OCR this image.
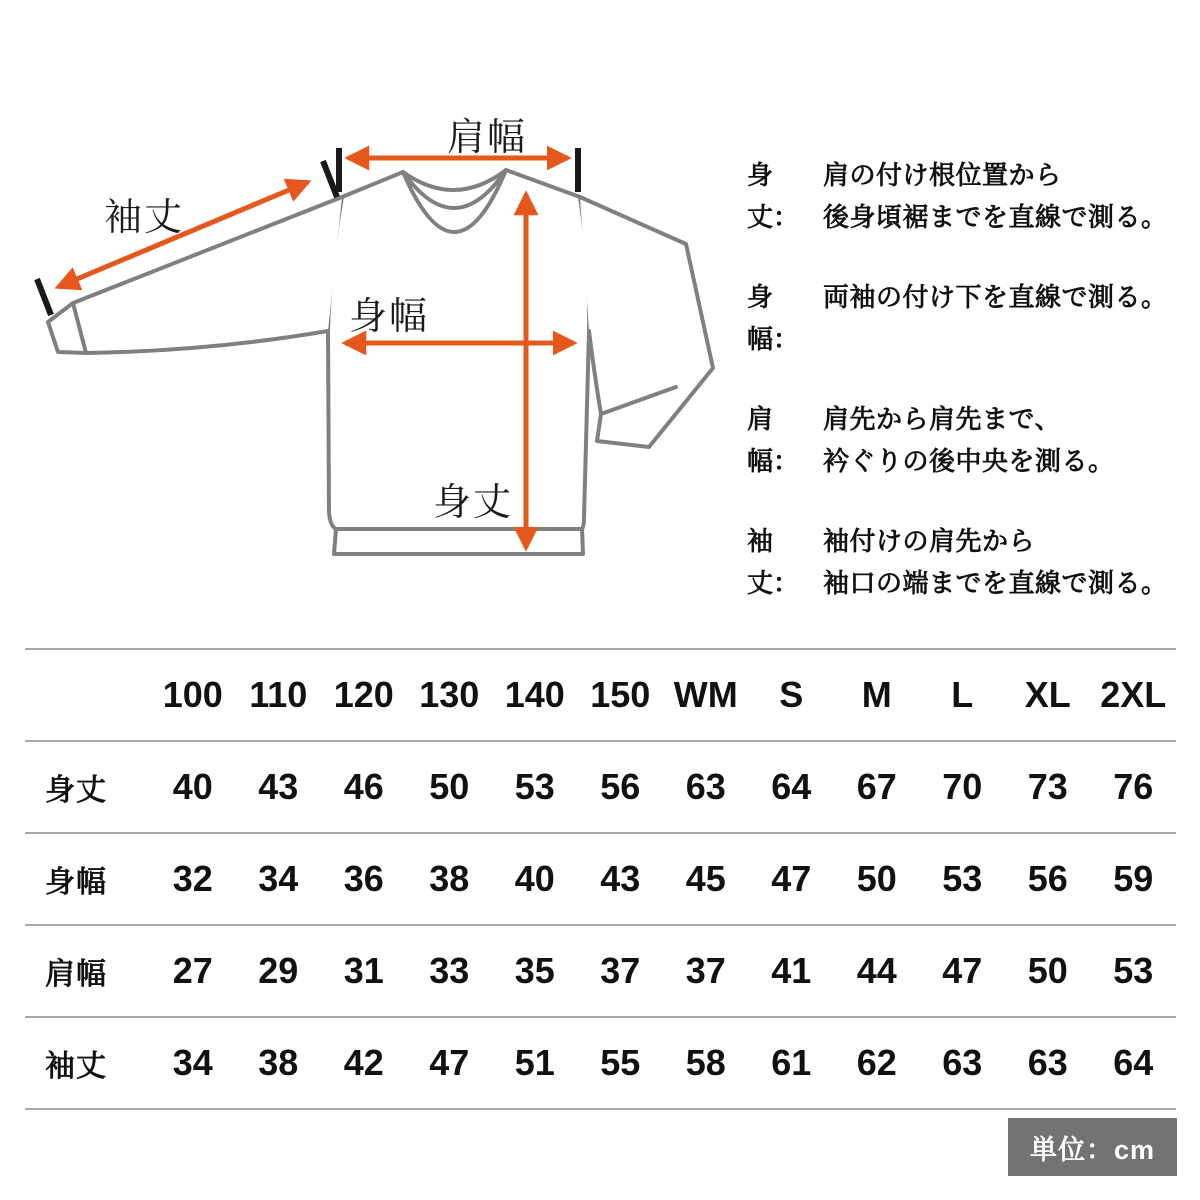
肩幅
袖丈
身幅
身丈
身丈：
肩の付け根位置から
後身頃裾までを直線で測る。
身幅：
両袖の付け下を直線で測る。
肩幅：
肩先から肩先まで、
衿ぐりの後中央を測る。
袖丈：
袖付けの肩先から
袖口の端までを直線で測る。
100 110 120 130 140 150 WM	S	M	L	XL 2XL
身丈	40	43	46	50	53	56	63	64	67	70	73	76
身幅	32	34	36	38	40	43	45	47	50	53	56	59
肩幅	27	29	31	33	35	37	37	41	44	47	50	53
袖丈	34	38	42	47	51	55	58	61	62	63	63	64
単位：cm
